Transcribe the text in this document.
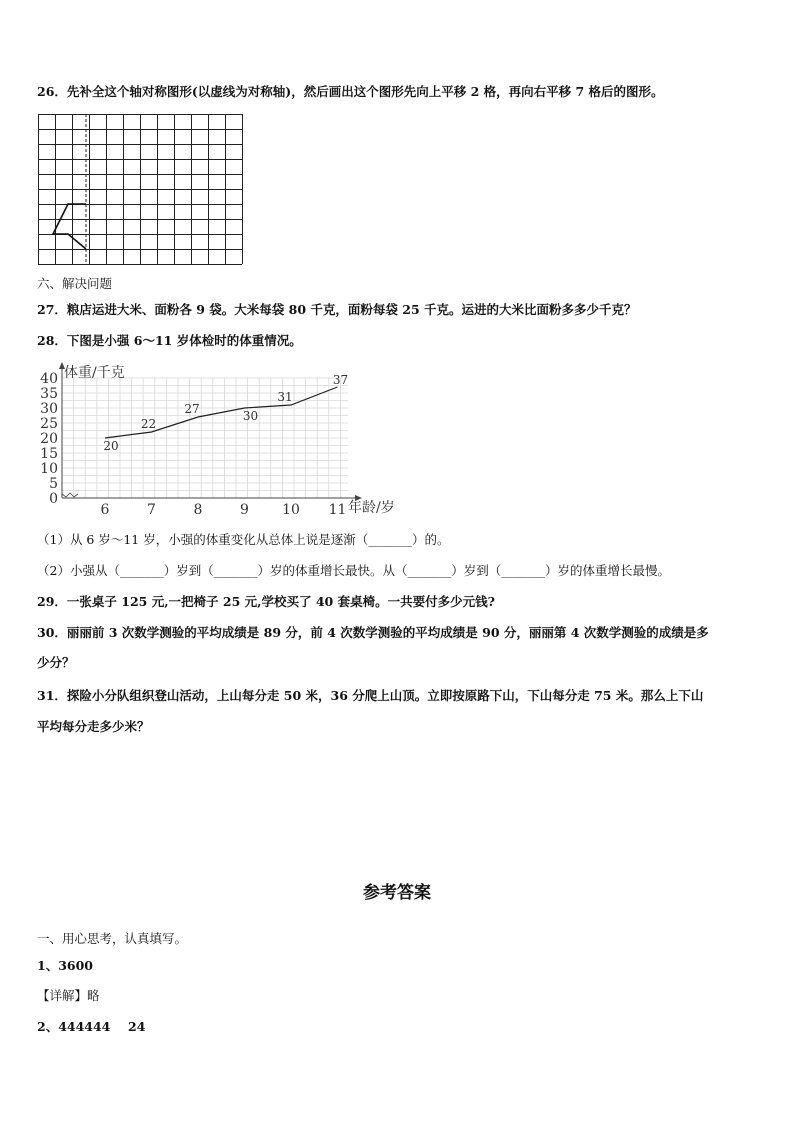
26．先补全这个轴对称图形(以虚线为对称轴)，然后画出这个图形先向上平移 2 格，再向右平移 7 格后的图形。
六、解决问题
27．粮店运进大米、面粉各 9 袋。大米每袋 80 千克，面粉每袋 25 千克。运进的大米比面粉多多少千克？
28．下图是小强 6～11 岁体检时的体重情况。
0
5
10
15
20
25
30
35
40
6	7	8	9 10 11
20
22
27	30
31
37
体重/千克
年龄/岁
（1）从 6 岁～11 岁，小强的体重变化从总体上说是逐渐（_______）的。
（2）小强从（_______）岁到（_______）岁的体重增长最快。从（_______）岁到（_______）岁的体重增长最慢。
29．一张桌子 125 元,一把椅子 25 元,学校买了 40 套桌椅。一共要付多少元钱?
30．丽丽前 3 次数学测验的平均成绩是 89 分，前 4 次数学测验的平均成绩是 90 分，丽丽第 4 次数学测验的成绩是多
少分？
31．探险小分队组织登山活动，上山每分走 50 米，36 分爬上山顶。立即按原路下山，下山每分走 75 米。那么上下山
平均每分走多少米？
参考答案
一、用心思考，认真填写。
1、3600
【详解】略
2、444444 24
